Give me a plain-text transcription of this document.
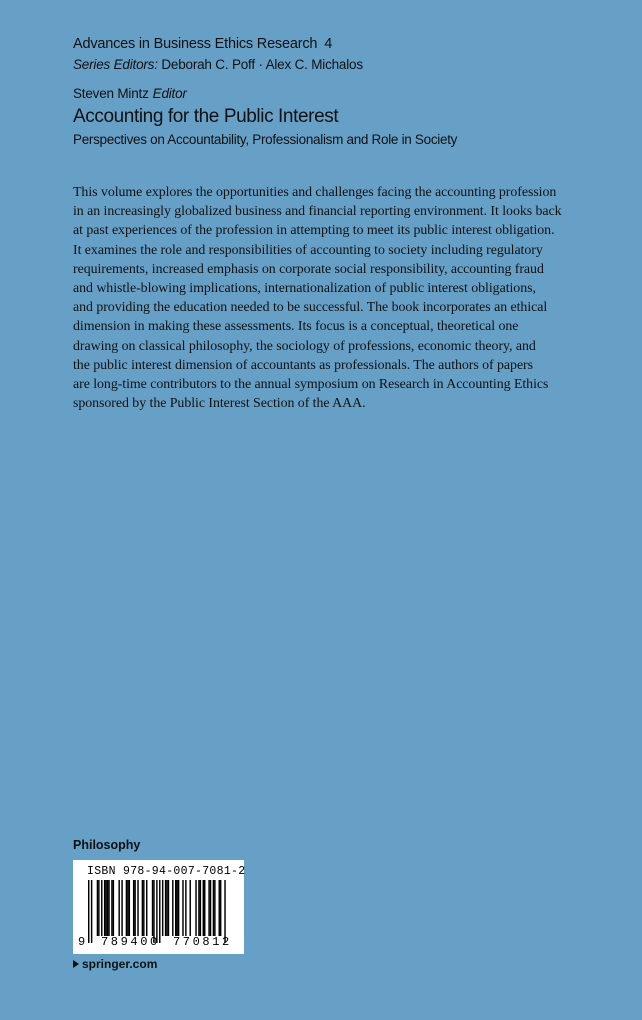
Advances in Business Ethics Research 4
Series Editors: Deborah C. Poff · Alex C. Michalos
Steven Mintz Editor
Accounting for the Public Interest
Perspectives on Accountability, Professionalism and Role in Society
This volume explores the opportunities and challenges facing the accounting profession
in an increasingly globalized business and financial reporting environment. It looks back
at past experiences of the profession in attempting to meet its public interest obligation.
It examines the role and responsibilities of accounting to society including regulatory
requirements, increased emphasis on corporate social responsibility, accounting fraud
and whistle-blowing implications, internationalization of public interest obligations,
and providing the education needed to be successful. The book incorporates an ethical
dimension in making these assessments. Its focus is a conceptual, theoretical one
drawing on classical philosophy, the sociology of professions, economic theory, and
the public interest dimension of accountants as professionals. The authors of papers
are long-time contributors to the annual symposium on Research in Accounting Ethics
sponsored by the Public Interest Section of the AAA.
Philosophy
ISBN 978-94-007-7081-2
9 789400 770812
springer.com
